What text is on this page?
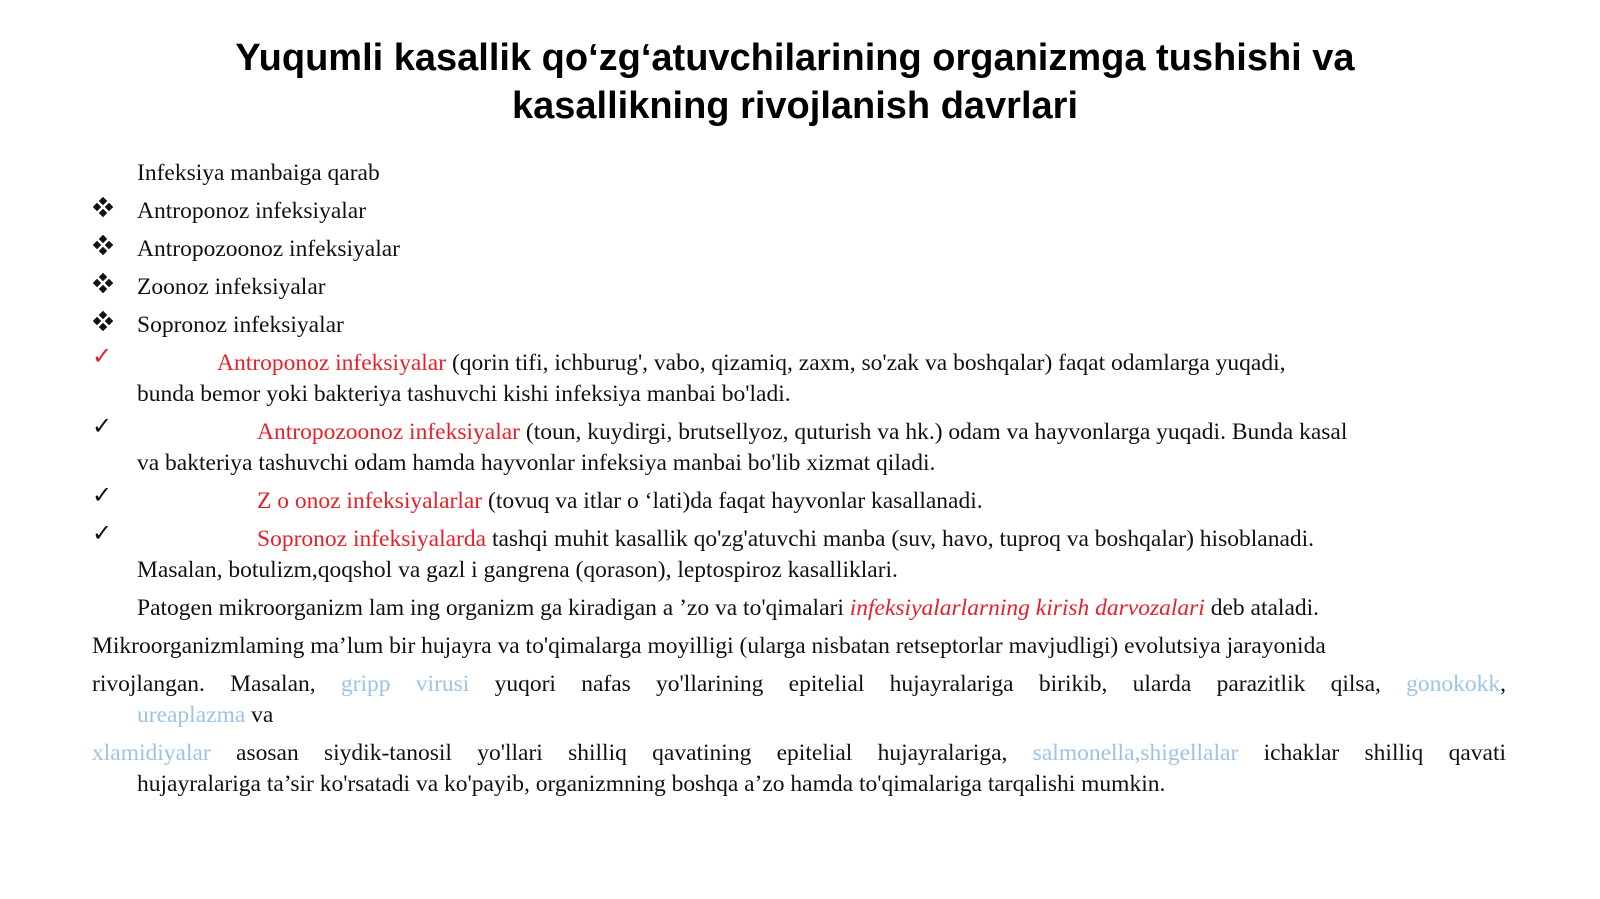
Yuqumli kasallik qo‘zg‘atuvchilarining organizmga tushishi va
kasallikning rivojlanish davrlari
Infeksiya manbaiga qarab
Antroponoz infeksiyalar
Antropozoonoz infeksiyalar
Zoonoz infeksiyalar
Sopronoz infeksiyalar
✓	Antroponoz infeksiyalar (qorin tifi, ichburug', vabo, qizamiq, zaxm, so'zak va boshqalar) faqat odamlarga yuqadi,
bunda bemor yoki bakteriya tashuvchi kishi infeksiya manbai bo'ladi.
✓	Antropozoonoz infeksiyalar (toun, kuydirgi, brutsellyoz, quturish va hk.) odam va hayvonlarga yuqadi. Bunda kasal
va bakteriya tashuvchi odam hamda hayvonlar infeksiya manbai bo'lib xizmat qiladi.
✓	Z o onoz infeksiyalarlar (tovuq va itlar o ‘lati)da faqat hayvonlar kasallanadi.
✓	Sopronoz infeksiyalarda tashqi muhit kasallik qo'zg'atuvchi manba (suv, havo, tuproq va boshqalar) hisoblanadi.
Masalan, botulizm,qoqshol va gazl i gangrena (qorason), leptospiroz kasalliklari.
Patogen mikroorganizm lam ing organizm ga kiradigan a ’zo va to'qimalari infeksiyalarlarning kirish darvozalari deb ataladi.
Mikroorganizmlaming ma’lum bir hujayra va to'qimalarga moyilligi (ularga nisbatan retseptorlar mavjudligi) evolutsiya jarayonida
rivojlangan. Masalan, gripp virusi yuqori nafas yo'llarining epitelial hujayralariga birikib, ularda parazitlik qilsa, gonokokk,
ureaplazma va
xlamidiyalar asosan siydik-tanosil yo'llari shilliq qavatining epitelial hujayralariga, salmonella,shigellalar ichaklar shilliq qavati
hujayralariga ta’sir ko'rsatadi va ko'payib, organizmning boshqa a’zo hamda to'qimalariga tarqalishi mumkin.
